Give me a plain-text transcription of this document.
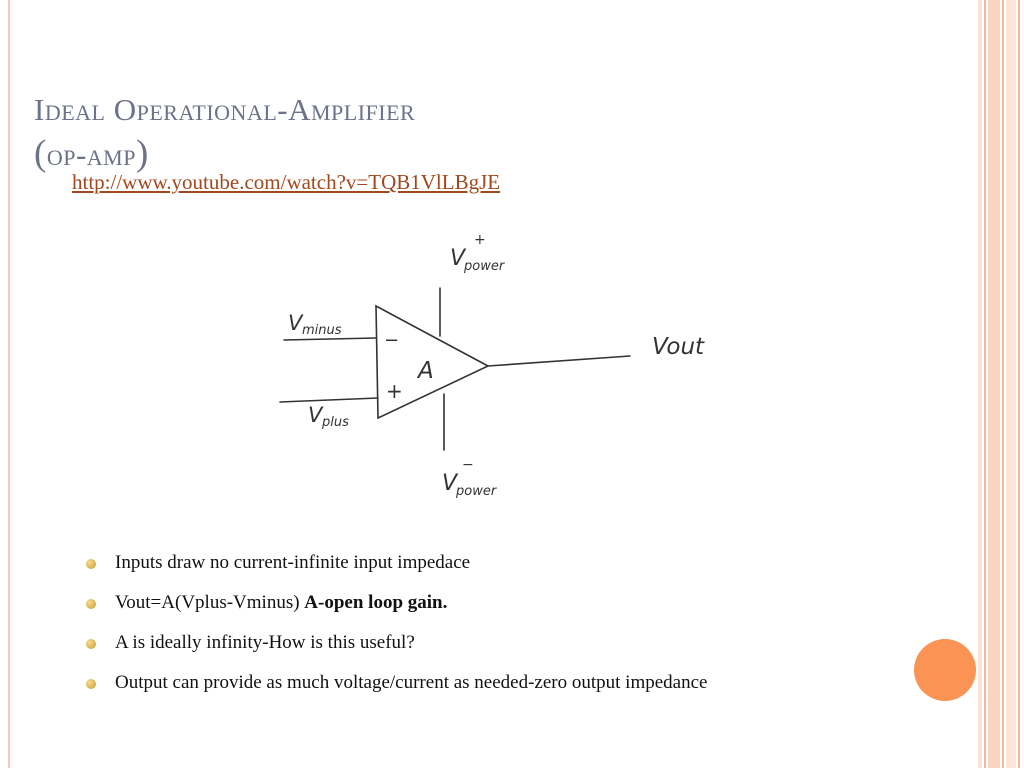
Ideal Operational-Amplifier
(op-amp)
http://www.youtube.com/watch?v=TQB1VlLBgJE
V
power
+
V minus
V plus
Vout
A
−
+
V
power
−
Inputs draw no current-infinite input impedace
Vout=A(Vplus-Vminus) A-open loop gain.
A is ideally infinity-How is this useful?
Output can provide as much voltage/current as needed-zero output impedance
